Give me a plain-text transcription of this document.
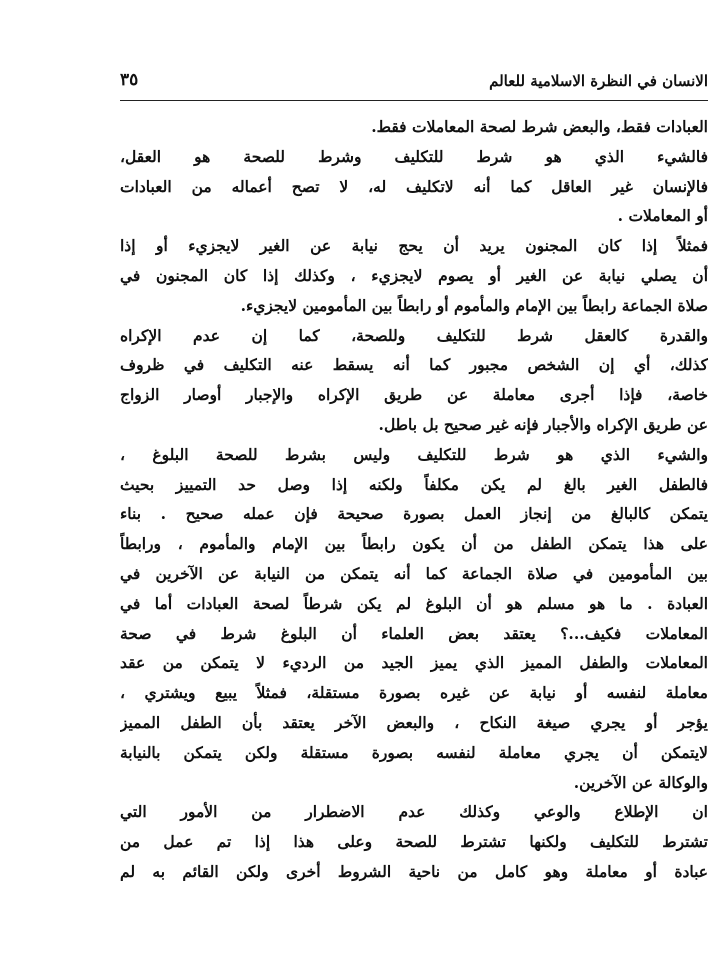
الانسان في النظرة الاسلامية للعالم
٣٥
العبادات فقط، والبعض شرط لصحة المعاملات فقط.
فالشيء الذي هو شرط للتكليف وشرط للصحة هو العقل،
فالإنسان غير العاقل كما أنه لاتكليف له، لا تصح أعماله من العبادات
أو المعاملات .
فمثلاً إذا كان المجنون يريد أن يحج نيابة عن الغير لايجزيء أو إذا
أن يصلي نيابة عن الغير أو يصوم لايجزيء ، وكذلك إذا كان المجنون في
صلاة الجماعة رابطاً بين الإمام والمأموم أو رابطاً بين المأمومين لايجزيء.
والقدرة كالعقل شرط للتكليف وللصحة، كما إن عدم الإكراه
كذلك، أي إن الشخص مجبور كما أنه يسقط عنه التكليف في ظروف
خاصة، فإذا أجرى معاملة عن طريق الإكراه والإجبار أوصار الزواج
عن طريق الإكراه والأجبار فإنه غير صحيح بل باطل.
والشيء الذي هو شرط للتكليف وليس بشرط للصحة البلوغ ،
فالطفل الغير بالغ لم يكن مكلفاً ولكنه إذا وصل حد التمييز بحيث
يتمكن كالبالغ من إنجاز العمل بصورة صحيحة فإن عمله صحيح . بناء
على هذا يتمكن الطفل من أن يكون رابطاً بين الإمام والمأموم ، ورابطاً
بين المأمومين في صلاة الجماعة كما أنه يتمكن من النيابة عن الآخرين في
العبادة . ما هو مسلم هو أن البلوغ لم يكن شرطاً لصحة العبادات أما في
المعاملات فكيف...؟ يعتقد بعض العلماء أن البلوغ شرط في صحة
المعاملات والطفل المميز الذي يميز الجيد من الرديء لا يتمكن من عقد
معاملة لنفسه أو نيابة عن غيره بصورة مستقلة، فمثلاً يبيع ويشتري ،
يؤجر أو يجري صيغة النكاح ، والبعض الآخر يعتقد بأن الطفل المميز
لايتمكن أن يجري معاملة لنفسه بصورة مستقلة ولكن يتمكن بالنيابة
والوكالة عن الآخرين.
ان الإطلاع والوعي وكذلك عدم الاضطرار من الأمور التي
تشترط للتكليف ولكنها تشترط للصحة وعلى هذا إذا تم عمل من
عبادة أو معاملة وهو كامل من ناحية الشروط أخرى ولكن القائم به لم
